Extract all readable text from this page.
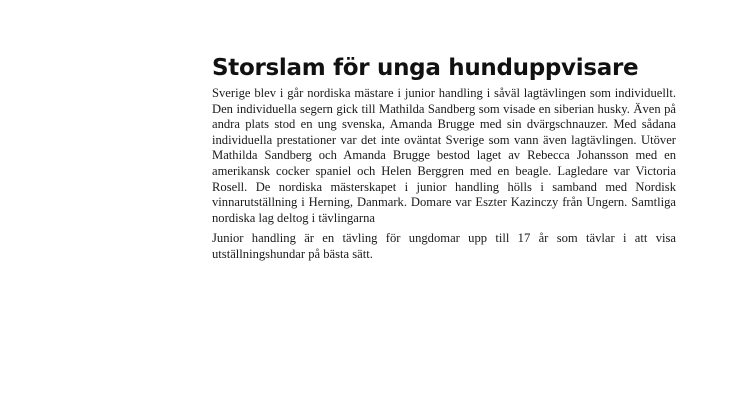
Storslam för unga hunduppvisare

Sverige blev i går nordiska mästare i junior handling i såväl lagtävlingen som individuellt. Den individuella segern gick till Mathilda Sandberg som visade en siberian husky. Även på andra plats stod en ung svenska, Amanda Brugge med sin dvärgschnauzer. Med sådana individuella prestationer var det inte oväntat Sverige som vann även lagtävlingen. Utöver Mathilda Sandberg och Amanda Brugge bestod laget av Rebecca Johansson med en amerikansk cocker spaniel och Helen Berggren med en beagle. Lagledare var Victoria Rosell. De nordiska mästerskapet i junior handling hölls i samband med Nordisk vinnarutställning i Herning, Danmark. Domare var Eszter Kazinczy från Ungern. Samtliga nordiska lag deltog i tävlingarna

Junior handling är en tävling för ungdomar upp till 17 år som tävlar i att visa utställningshundar på bästa sätt.
